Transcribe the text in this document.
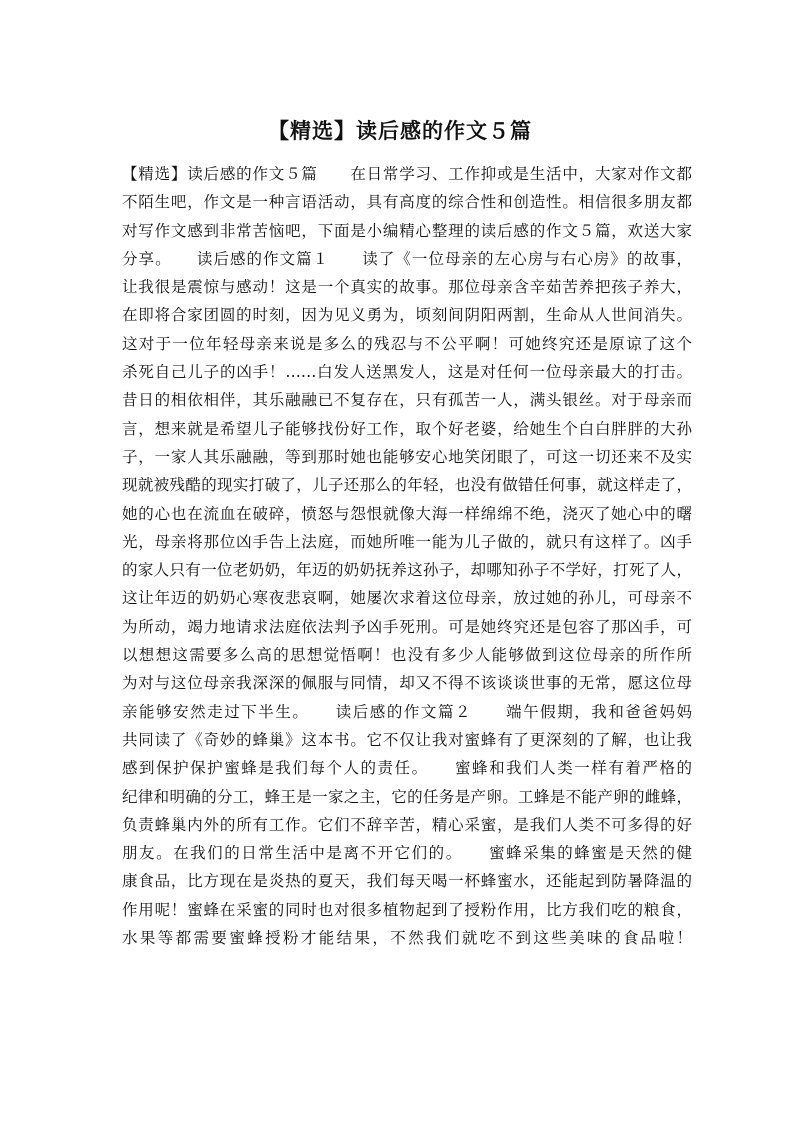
【精选】读后感的作文５篇
【精选】读后感的作文５篇　　在日常学习、工作抑或是生活中，大家对作文都
不陌生吧，作文是一种言语活动，具有高度的综合性和创造性。相信很多朋友都
对写作文感到非常苦恼吧，下面是小编精心整理的读后感的作文５篇，欢送大家
分享。　　读后感的作文篇１　　读了《一位母亲的左心房与右心房》的故事，
让我很是震惊与感动！这是一个真实的故事。那位母亲含辛茹苦养把孩子养大，
在即将合家团圆的时刻，因为见义勇为，顷刻间阴阳两割，生命从人世间消失。
这对于一位年轻母亲来说是多么的残忍与不公平啊！可她终究还是原谅了这个
杀死自己儿子的凶手！……白发人送黑发人，这是对任何一位母亲最大的打击。
昔日的相依相伴，其乐融融已不复存在，只有孤苦一人，满头银丝。对于母亲而
言，想来就是希望儿子能够找份好工作，取个好老婆，给她生个白白胖胖的大孙
子，一家人其乐融融，等到那时她也能够安心地笑闭眼了，可这一切还来不及实
现就被残酷的现实打破了，儿子还那么的年轻，也没有做错任何事，就这样走了，
她的心也在流血在破碎，愤怒与怨恨就像大海一样绵绵不绝，浇灭了她心中的曙
光，母亲将那位凶手告上法庭，而她所唯一能为儿子做的，就只有这样了。凶手
的家人只有一位老奶奶，年迈的奶奶抚养这孙子，却哪知孙子不学好，打死了人，
这让年迈的奶奶心寒夜悲哀啊，她屡次求着这位母亲，放过她的孙儿，可母亲不
为所动，竭力地请求法庭依法判予凶手死刑。可是她终究还是包容了那凶手，可
以想想这需要多么高的思想觉悟啊！也没有多少人能够做到这位母亲的所作所
为对与这位母亲我深深的佩服与同情，却又不得不该谈谈世事的无常，愿这位母
亲能够安然走过下半生。　　读后感的作文篇２　　端午假期，我和爸爸妈妈
共同读了《奇妙的蜂巢》这本书。它不仅让我对蜜蜂有了更深刻的了解，也让我
感到保护保护蜜蜂是我们每个人的责任。　　蜜蜂和我们人类一样有着严格的
纪律和明确的分工，蜂王是一家之主，它的任务是产卵。工蜂是不能产卵的雌蜂，
负责蜂巢内外的所有工作。它们不辞辛苦，精心采蜜，是我们人类不可多得的好
朋友。在我们的日常生活中是离不开它们的。　　蜜蜂采集的蜂蜜是天然的健
康食品，比方现在是炎热的夏天，我们每天喝一杯蜂蜜水，还能起到防暑降温的
作用呢！蜜蜂在采蜜的同时也对很多植物起到了授粉作用，比方我们吃的粮食，
水果等都需要蜜蜂授粉才能结果，不然我们就吃不到这些美味的食品啦！
